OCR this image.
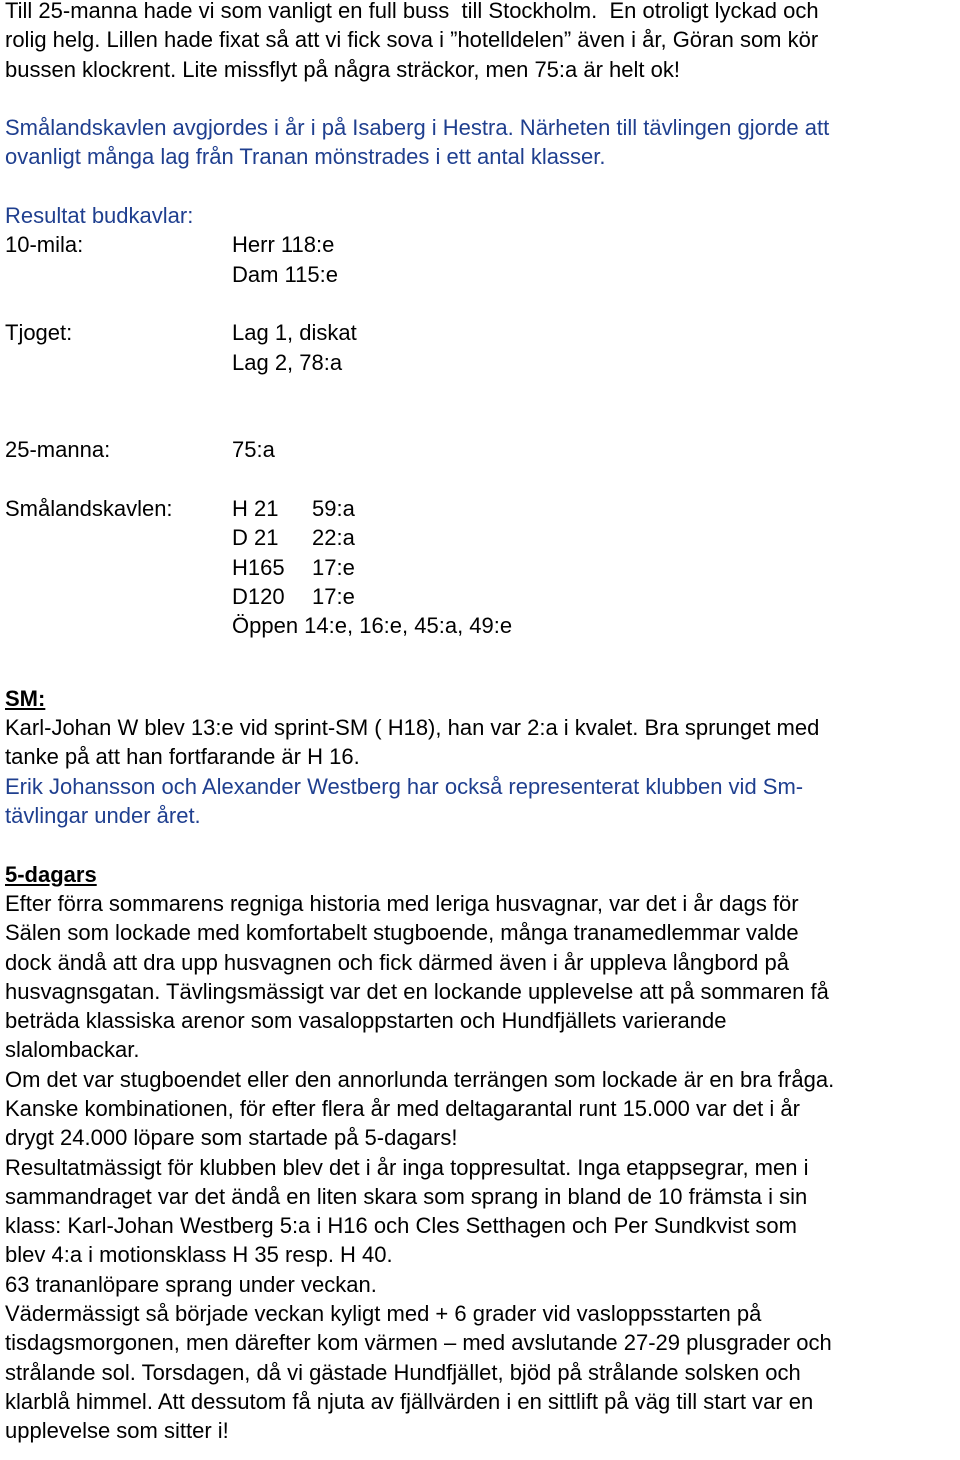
Till 25-manna hade vi som vanligt en full buss  till Stockholm.  En otroligt lyckad och

rolig helg. Lillen hade fixat så att vi fick sova i ”hotelldelen” även i år, Göran som kör

bussen klockrent. Lite missflyt på några sträckor, men 75:a är helt ok!

Smålandskavlen avgjordes i år i på Isaberg i Hestra. Närheten till tävlingen gjorde att

ovanligt många lag från Tranan mönstrades i ett antal klasser.

Resultat budkavlar:

10-mila:	Herr 118:e
Dam 115:e
Tjoget:	Lag 1, diskat
Lag 2, 78:a
25-manna:	75:a
Smålandskavlen:	H 21	59:a
D 21	22:a
H165	17:e
D120	17:e
Öppen 14:e, 16:e, 45:a, 49:e

SM:

Karl-Johan W blev 13:e vid sprint-SM ( H18), han var 2:a i kvalet. Bra sprunget med

tanke på att han fortfarande är H 16.

Erik Johansson och Alexander Westberg har också representerat klubben vid Sm-

tävlingar under året.

5-dagars

Efter förra sommarens regniga historia med leriga husvagnar, var det i år dags för

Sälen som lockade med komfortabelt stugboende, många tranamedlemmar valde

dock ändå att dra upp husvagnen och fick därmed även i år uppleva långbord på

husvagnsgatan. Tävlingsmässigt var det en lockande upplevelse att på sommaren få

beträda klassiska arenor som vasaloppstarten och Hundfjällets varierande

slalombackar.

Om det var stugboendet eller den annorlunda terrängen som lockade är en bra fråga.

Kanske kombinationen, för efter flera år med deltagarantal runt 15.000 var det i år

drygt 24.000 löpare som startade på 5-dagars!

Resultatmässigt för klubben blev det i år inga toppresultat. Inga etappsegrar, men i

sammandraget var det ändå en liten skara som sprang in bland de 10 främsta i sin

klass: Karl-Johan Westberg 5:a i H16 och Cles Setthagen och Per Sundkvist som

blev 4:a i motionsklass H 35 resp. H 40.

63 trananlöpare sprang under veckan.

Vädermässigt så började veckan kyligt med + 6 grader vid vasloppsstarten på

tisdagsmorgonen, men därefter kom värmen – med avslutande 27-29 plusgrader och

strålande sol. Torsdagen, då vi gästade Hundfjället, bjöd på strålande solsken och

klarblå himmel. Att dessutom få njuta av fjällvärden i en sittlift på väg till start var en

upplevelse som sitter i!
